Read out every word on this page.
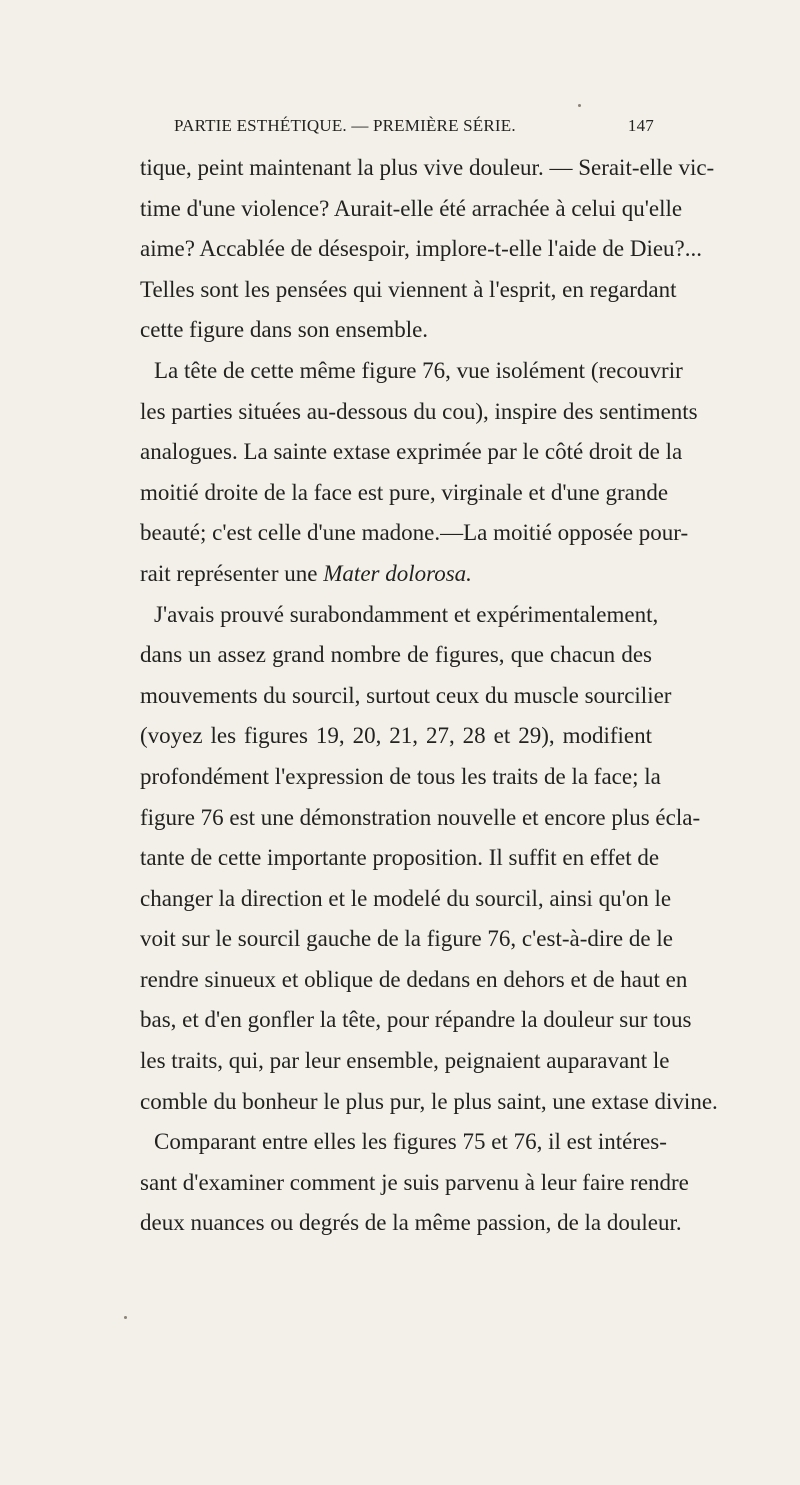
PARTIE ESTHÉTIQUE. — PREMIÈRE SÉRIE.	147
tique, peint maintenant la plus vive douleur. — Serait-elle vic-
time d'une violence? Aurait-elle été arrachée à celui qu'elle
aime? Accablée de désespoir, implore-t-elle l'aide de Dieu?...
Telles sont les pensées qui viennent à l'esprit, en regardant
cette figure dans son ensemble.
La tête de cette même figure 76, vue isolément (recouvrir
les parties situées au-dessous du cou), inspire des sentiments
analogues. La sainte extase exprimée par le côté droit de la
moitié droite de la face est pure, virginale et d'une grande
beauté; c'est celle d'une madone.—La moitié opposée pour-
rait représenter une Mater dolorosa.
J'avais prouvé surabondamment et expérimentalement,
dans un assez grand nombre de figures, que chacun des
mouvements du sourcil, surtout ceux du muscle sourcilier
(voyez les figures 19, 20, 21, 27, 28 et 29), modifient
profondément l'expression de tous les traits de la face; la
figure 76 est une démonstration nouvelle et encore plus écla-
tante de cette importante proposition. Il suffit en effet de
changer la direction et le modelé du sourcil, ainsi qu'on le
voit sur le sourcil gauche de la figure 76, c'est-à-dire de le
rendre sinueux et oblique de dedans en dehors et de haut en
bas, et d'en gonfler la tête, pour répandre la douleur sur tous
les traits, qui, par leur ensemble, peignaient auparavant le
comble du bonheur le plus pur, le plus saint, une extase divine.
Comparant entre elles les figures 75 et 76, il est intéres-
sant d'examiner comment je suis parvenu à leur faire rendre
deux nuances ou degrés de la même passion, de la douleur.
